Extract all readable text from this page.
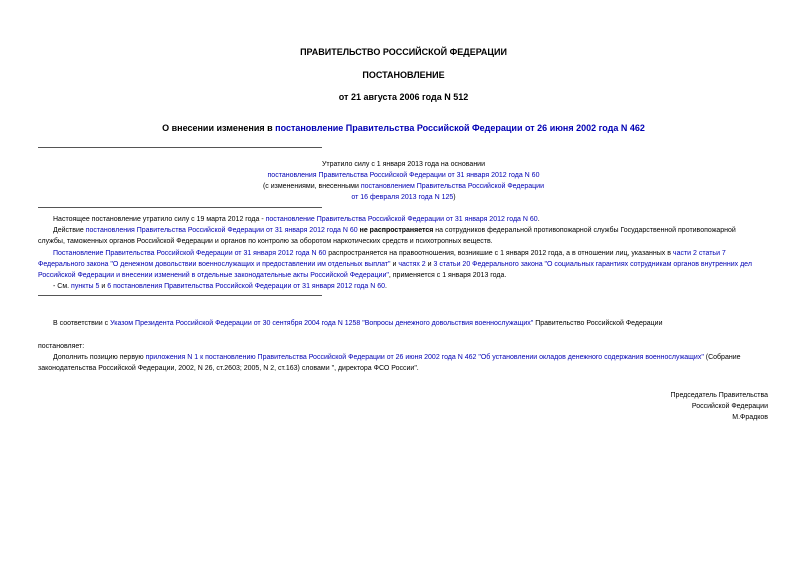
ПРАВИТЕЛЬСТВО РОССИЙСКОЙ ФЕДЕРАЦИИ
ПОСТАНОВЛЕНИЕ
от 21 августа 2006 года N 512
О внесении изменения в постановление Правительства Российской Федерации от 26 июня 2002 года N 462
Утратило силу с 1 января 2013 года на основании
постановления Правительства Российской Федерации от 31 января 2012 года N 60
(с изменениями, внесенными постановлением Правительства Российской Федерации
от 16 февраля 2013 года N 125)
Настоящее постановление утратило силу с 19 марта 2012 года - постановление Правительства Российской Федерации от 31 января 2012 года N 60.
Действие постановления Правительства Российской Федерации от 31 января 2012 года N 60 не распространяется на сотрудников федеральной противопожарной службы Государственной противопожарной
службы, таможенных органов Российской Федерации и органов по контролю за оборотом наркотических средств и психотропных веществ.
Постановление Правительства Российской Федерации от 31 января 2012 года N 60 распространяется на правоотношения, возникшие с 1 января 2012 года, а в отношении лиц, указанных в части 2 статьи 7
Федерального закона "О денежном довольствии военнослужащих и предоставлении им отдельных выплат" и частях 2 и 3 статьи 20 Федерального закона "О социальных гарантиях сотрудникам органов внутренних дел
Российской Федерации и внесении изменений в отдельные законодательные акты Российской Федерации", применяется с 1 января 2013 года.
- См. пункты 5 и 6 постановления Правительства Российской Федерации от 31 января 2012 года N 60.
В соответствии с Указом Президента Российской Федерации от 30 сентября 2004 года N 1258 "Вопросы денежного довольствия военнослужащих" Правительство Российской Федерации
постановляет:
Дополнить позицию первую приложения N 1 к постановлению Правительства Российской Федерации от 26 июня 2002 года N 462 "Об установлении окладов денежного содержания военнослужащих" (Собрание
законодательства Российской Федерации, 2002, N 26, ст.2603; 2005, N 2, ст.163) словами ", директора ФСО России".
Председатель Правительства
Российской Федерации
М.Фрадков
